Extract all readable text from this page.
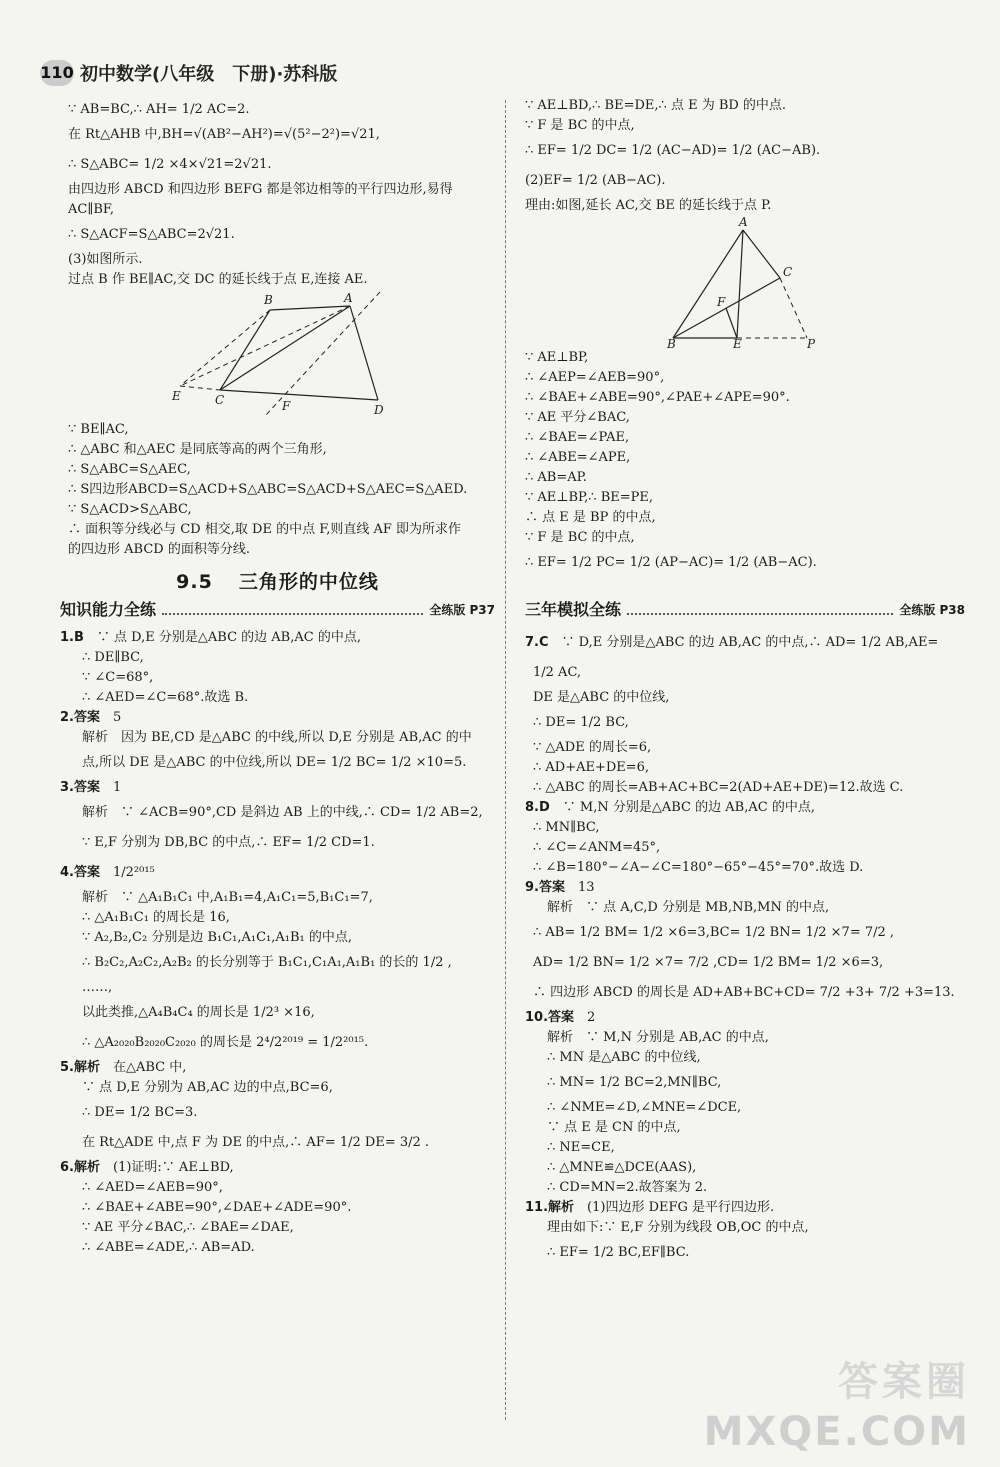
110 初中数学(八年级　下册)·苏科版

∵ AB=BC,∴ AH= 1/2 AC=2.

在 Rt△AHB 中,BH=√(AB²−AH²)=√(5²−2²)=√21,

∴ S△ABC= 1/2 ×4×√21=2√21.

由四边形 ABCD 和四边形 BEFG 都是邻边相等的平行四边形,易得

AC∥BF,

∴ S△ACF=S△ABC=2√21.

(3)如图所示.

过点 B 作 BE∥AC,交 DC 的延长线于点 E,连接 AE.

B	A
E	C	F	D

∵ BE∥AC,

∴ △ABC 和△AEC 是同底等高的两个三角形,

∴ S△ABC=S△AEC,

∴ S四边形ABCD=S△ACD+S△ABC=S△ACD+S△AEC=S△AED.

∵ S△ACD>S△ABC,

∴ 面积等分线必与 CD 相交,取 DE 的中点 F,则直线 AF 即为所求作

的四边形 ABCD 的面积等分线.

9.5 三角形的中位线
知识能力全练	全练版 P37

1.B　 ∵ 点 D,E 分别是△ABC 的边 AB,AC 的中点,

∴ DE∥BC,

∵ ∠C=68°,

∴ ∠AED=∠C=68°.故选 B.

2.答案　 5

解析　因为 BE,CD 是△ABC 的中线,所以 D,E 分别是 AB,AC 的中

点,所以 DE 是△ABC 的中位线,所以 DE= 1/2 BC= 1/2 ×10=5.

3.答案　 1

解析　∵ ∠ACB=90°,CD 是斜边 AB 上的中线,∴ CD= 1/2 AB=2,

∵ E,F 分别为 DB,BC 的中点,∴ EF= 1/2 CD=1.

4.答案　 1/2²⁰¹⁵

解析　∵ △A₁B₁C₁ 中,A₁B₁=4,A₁C₁=5,B₁C₁=7,

∴ △A₁B₁C₁ 的周长是 16,

∵ A₂,B₂,C₂ 分别是边 B₁C₁,A₁C₁,A₁B₁ 的中点,

∴ B₂C₂,A₂C₂,A₂B₂ 的长分别等于 B₁C₁,C₁A₁,A₁B₁ 的长的 1/2 ,

……,

以此类推,△A₄B₄C₄ 的周长是 1/2³ ×16,

∴ △A₂₀₂₀B₂₀₂₀C₂₀₂₀ 的周长是 2⁴/2²⁰¹⁹ = 1/2²⁰¹⁵.

5.解析　 在△ABC 中,

∵ 点 D,E 分别为 AB,AC 边的中点,BC=6,

∴ DE= 1/2 BC=3.

在 Rt△ADE 中,点 F 为 DE 的中点,∴ AF= 1/2 DE= 3/2 .

6.解析　 (1)证明:∵ AE⊥BD,

∴ ∠AED=∠AEB=90°,

∴ ∠BAE+∠ABE=90°,∠DAE+∠ADE=90°.

∵ AE 平分∠BAC,∴ ∠BAE=∠DAE,

∴ ∠ABE=∠ADE,∴ AB=AD.

∵ AE⊥BD,∴ BE=DE,∴ 点 E 为 BD 的中点.

∵ F 是 BC 的中点,

∴ EF= 1/2 DC= 1/2 (AC−AD)= 1/2 (AC−AB).

(2)EF= 1/2 (AB−AC).

理由:如图,延长 AC,交 BE 的延长线于点 P.

A
C
F
B	E	P

∵ AE⊥BP,

∴ ∠AEP=∠AEB=90°,

∴ ∠BAE+∠ABE=90°,∠PAE+∠APE=90°.

∵ AE 平分∠BAC,

∴ ∠BAE=∠PAE,

∴ ∠ABE=∠APE,

∴ AB=AP.

∵ AE⊥BP,∴ BE=PE,

∴ 点 E 是 BP 的中点,

∵ F 是 BC 的中点,

∴ EF= 1/2 PC= 1/2 (AP−AC)= 1/2 (AB−AC).

三年模拟全练	全练版 P38

7.C　 ∵ D,E 分别是△ABC 的边 AB,AC 的中点,∴ AD= 1/2 AB,AE=

1/2 AC,

DE 是△ABC 的中位线,

∴ DE= 1/2 BC,

∵ △ADE 的周长=6,

∴ AD+AE+DE=6,

∴ △ABC 的周长=AB+AC+BC=2(AD+AE+DE)=12.故选 C.

8.D　 ∵ M,N 分别是△ABC 的边 AB,AC 的中点,

∴ MN∥BC,

∴ ∠C=∠ANM=45°,

∴ ∠B=180°−∠A−∠C=180°−65°−45°=70°.故选 D.

9.答案　 13

解析　∵ 点 A,C,D 分别是 MB,NB,MN 的中点,

∴ AB= 1/2 BM= 1/2 ×6=3,BC= 1/2 BN= 1/2 ×7= 7/2 ,

AD= 1/2 BN= 1/2 ×7= 7/2 ,CD= 1/2 BM= 1/2 ×6=3,

∴ 四边形 ABCD 的周长是 AD+AB+BC+CD= 7/2 +3+ 7/2 +3=13.

10.答案　 2

解析　∵ M,N 分别是 AB,AC 的中点,

∴ MN 是△ABC 的中位线,

∴ MN= 1/2 BC=2,MN∥BC,

∴ ∠NME=∠D,∠MNE=∠DCE,

∵ 点 E 是 CN 的中点,

∴ NE=CE,

∴ △MNE≌△DCE(AAS),

∴ CD=MN=2.故答案为 2.

11.解析　 (1)四边形 DEFG 是平行四边形.

理由如下:∵ E,F 分别为线段 OB,OC 的中点,

∴ EF= 1/2 BC,EF∥BC.

答案圈
MXQE.COM
